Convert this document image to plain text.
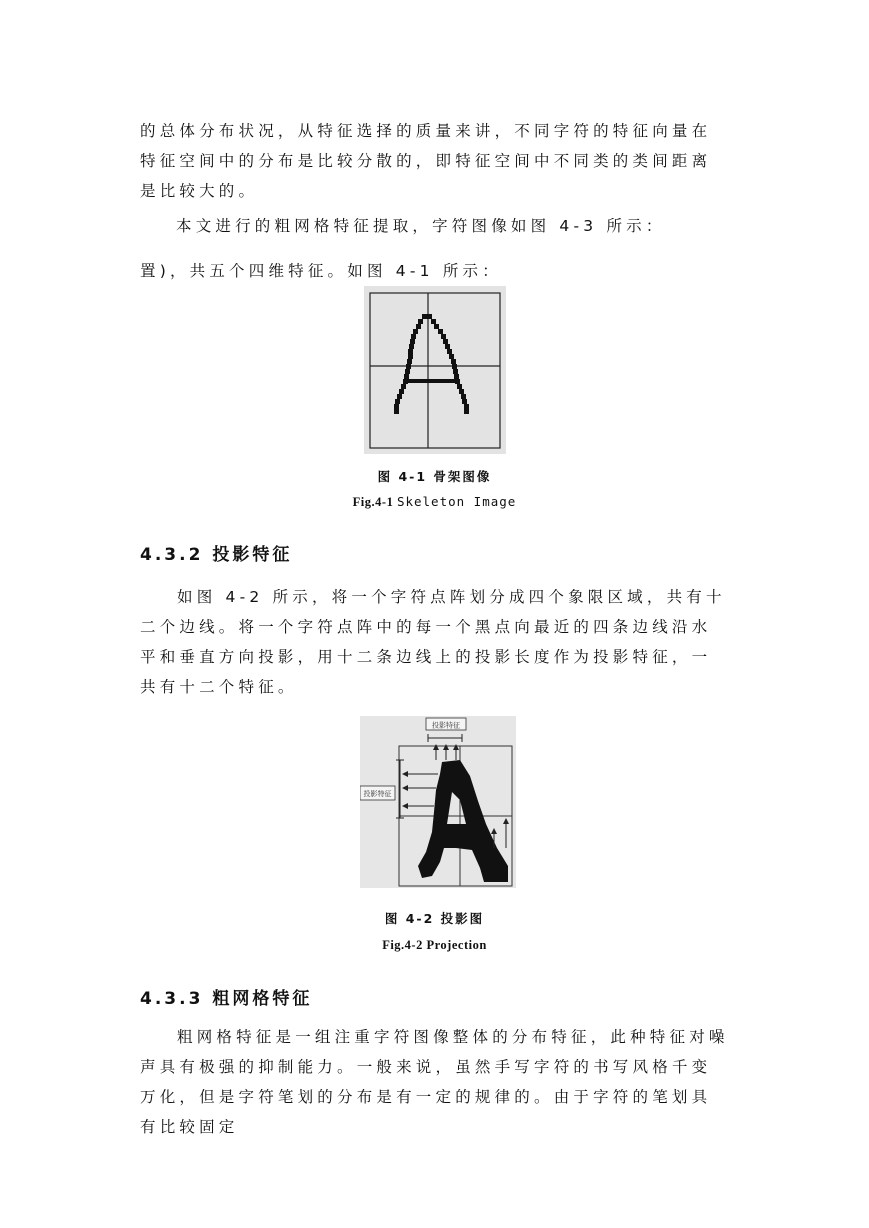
的总体分布状况，从特征选择的质量来讲，不同字符的特征向量在特征空间中的分布是比较分散的，即特征空间中不同类的类间距离是比较大的。

本文进行的粗网格特征提取，字符图像如图 4-3 所示：

置)，共五个四维特征。如图 4-1 所示：

图 4-1 骨架图像

Fig.4-1 Skeleton Image

4.3.2 投影特征

如图 4-2 所示，将一个字符点阵划分成四个象限区域，共有十二个边线。将一个字符点阵中的每一个黑点向最近的四条边线沿水平和垂直方向投影，用十二条边线上的投影长度作为投影特征，一共有十二个特征。

投影特征
投影特征

图 4-2 投影图

Fig.4-2 Projection

4.3.3 粗网格特征

粗网格特征是一组注重字符图像整体的分布特征，此种特征对噪声具有极强的抑制能力。一般来说，虽然手写字符的书写风格千变万化，但是字符笔划的分布是有一定的规律的。由于字符的笔划具有比较固定
